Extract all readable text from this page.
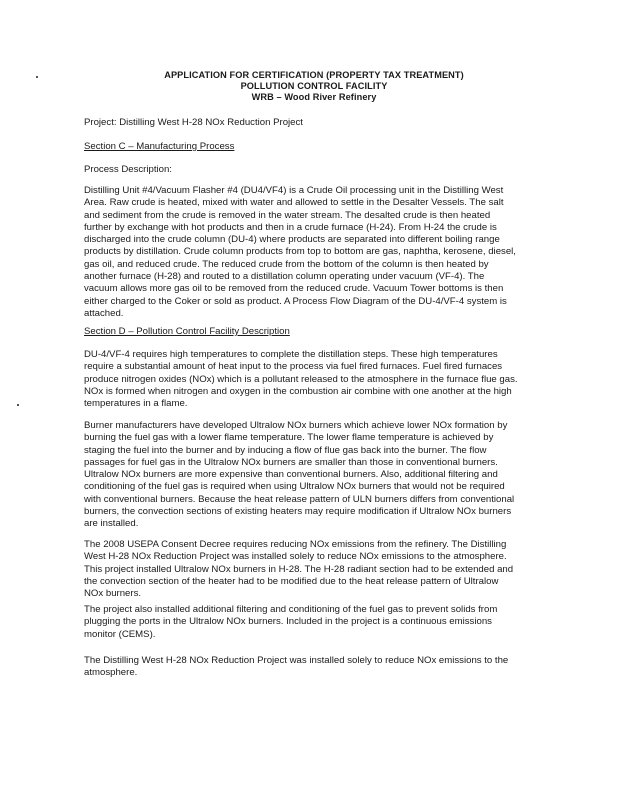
APPLICATION FOR CERTIFICATION (PROPERTY TAX TREATMENT)
POLLUTION CONTROL FACILITY
WRB – Wood River Refinery
Project: Distilling West H-28 NOx Reduction Project
Section C – Manufacturing Process
Process Description:
Distilling Unit #4/Vacuum Flasher #4 (DU4/VF4) is a Crude Oil processing unit in the Distilling West Area. Raw crude is heated, mixed with water and allowed to settle in the Desalter Vessels. The salt and sediment from the crude is removed in the water stream. The desalted crude is then heated further by exchange with hot products and then in a crude furnace (H-24). From H-24 the crude is discharged into the crude column (DU-4) where products are separated into different boiling range products by distillation. Crude column products from top to bottom are gas, naphtha, kerosene, diesel, gas oil, and reduced crude. The reduced crude from the bottom of the column is then heated by another furnace (H-28) and routed to a distillation column operating under vacuum (VF-4). The vacuum allows more gas oil to be removed from the reduced crude. Vacuum Tower bottoms is then either charged to the Coker or sold as product. A Process Flow Diagram of the DU-4/VF-4 system is attached.
Section D – Pollution Control Facility Description
DU-4/VF-4 requires high temperatures to complete the distillation steps. These high temperatures require a substantial amount of heat input to the process via fuel fired furnaces. Fuel fired furnaces produce nitrogen oxides (NOx) which is a pollutant released to the atmosphere in the furnace flue gas. NOx is formed when nitrogen and oxygen in the combustion air combine with one another at the high temperatures in a flame.
Burner manufacturers have developed Ultralow NOx burners which achieve lower NOx formation by burning the fuel gas with a lower flame temperature. The lower flame temperature is achieved by staging the fuel into the burner and by inducing a flow of flue gas back into the burner. The flow passages for fuel gas in the Ultralow NOx burners are smaller than those in conventional burners. Ultralow NOx burners are more expensive than conventional burners. Also, additional filtering and conditioning of the fuel gas is required when using Ultralow NOx burners that would not be required with conventional burners. Because the heat release pattern of ULN burners differs from conventional burners, the convection sections of existing heaters may require modification if Ultralow NOx burners are installed.
The 2008 USEPA Consent Decree requires reducing NOx emissions from the refinery. The Distilling West H-28 NOx Reduction Project was installed solely to reduce NOx emissions to the atmosphere. This project installed Ultralow NOx burners in H-28. The H-28 radiant section had to be extended and the convection section of the heater had to be modified due to the heat release pattern of Ultralow NOx burners.
The project also installed additional filtering and conditioning of the fuel gas to prevent solids from plugging the ports in the Ultralow NOx burners. Included in the project is a continuous emissions monitor (CEMS).
The Distilling West H-28 NOx Reduction Project was installed solely to reduce NOx emissions to the atmosphere.
